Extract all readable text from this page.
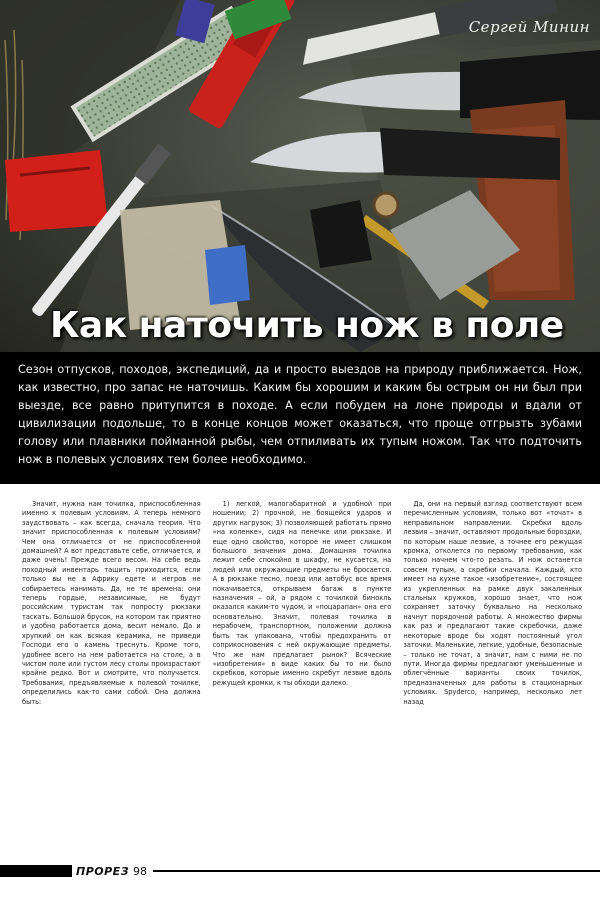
Сергей Минин
Как наточить нож в поле
Сезон отпусков, походов, экспедиций, да и просто выездов на природу приближается. Нож, как известно, про запас не наточишь. Каким бы хорошим и каким бы острым он ни был при выезде, все равно притупится в походе. А если побудем на лоне природы и вдали от цивилизации подольше, то в конце концов может оказаться, что проще отгрызть зубами голову или плавники пойманной рыбы, чем отпиливать их тупым ножом. Так что подточить нож в полевых условиях тем более необходимо.

Значит, нужна нам точилка, приспособленная именно к полевым условиям. А теперь немного заудствовать – как всегда, сначала теория. Что значит приспособленная к полевым условиям? Чем она отличается от не приспособленной домашней? А вот представьте себе, отличается, и даже очень! Прежде всего весом. На себе ведь походный инвентарь тащить приходится, если только вы не в Африку едете и негров не собираетесь нанимать. Да, не те времена: они теперь гордые, независимые, не будут российским туристам так попросту рюкзаки таскать. Большой брусок, на котором так приятно и удобно работается дома, весит немало. Да и хрупкий он как всякая керамика, не приведи Господи его о камень треснуть. Кроме того, удобнее всего на нем работается на столе, а в чистом поле или густом лесу столы произрастают крайне редко. Вот и смотрите, что получается. Требования, предъявляемые к полевой точилке, определились как-то сами собой. Она должна быть:

1) легкой, малогабаритной и удобной при ношении; 2) прочной, не боящейся ударов и других нагрузок; 3) позволяющей работать прямо «на коленке», сидя на пенечке или рюкзаке. И еще одно свойство, которое не имеет слишком большого значения дома. Домашняя точилка лежит себе спокойно в шкафу, не кусается, на людей или окружающие предметы не бросается. А в рюкзаке тесно, поезд или автобус все время покачивается, открываем багаж в пункте назначения – ой, а рядом с точилкой бинокль оказался каким-то чудом, и «поцарапан» она его основательно. Значит, полевая точилка в нерабочем, транспортном, положении должна быть так упакована, чтобы предохранить от соприкосновения с ней окружающие предметы. Что же нам предлагает рынок? Всяческие «изобретения» в виде каких бы то ни было скребков, которые именно скребут лезвие вдоль режущей кромки, к ты обходи далеко.

Да, они на первый взгляд соответствуют всем перечисленным условиям, только вот «точат» в неправильном направлении. Скребки вдоль лезвия – значит, оставляют продольные бороздки, по которым наше лезвие, а точнее его режущая кромка, отколется по первому требованию, как только начнем что-то резать. И нож останется совсем тупым, а скребки сначала. Каждый, кто имеет на кухне такое «изобретение», состоящее из укрепленных на рамке двух закаленных стальных кружков, хорошо знает, что нож сохраняет заточку буквально на несколько начнут порядочной работы. А множество фирмы как раз и предлагают такие скребочки, даже некоторые вроде бы ходят постоянный угол заточки. Маленькие, легкие, удобные, безопасные – только не точат, а значит, нам с ними не по пути. Иногда фирмы предлагают уменьшенные и облегчённые варианты своих точилок, предназначенных для работы в стационарных условиях. Spyderco, например, несколько лет назад

ПРОРЕЗ 98
